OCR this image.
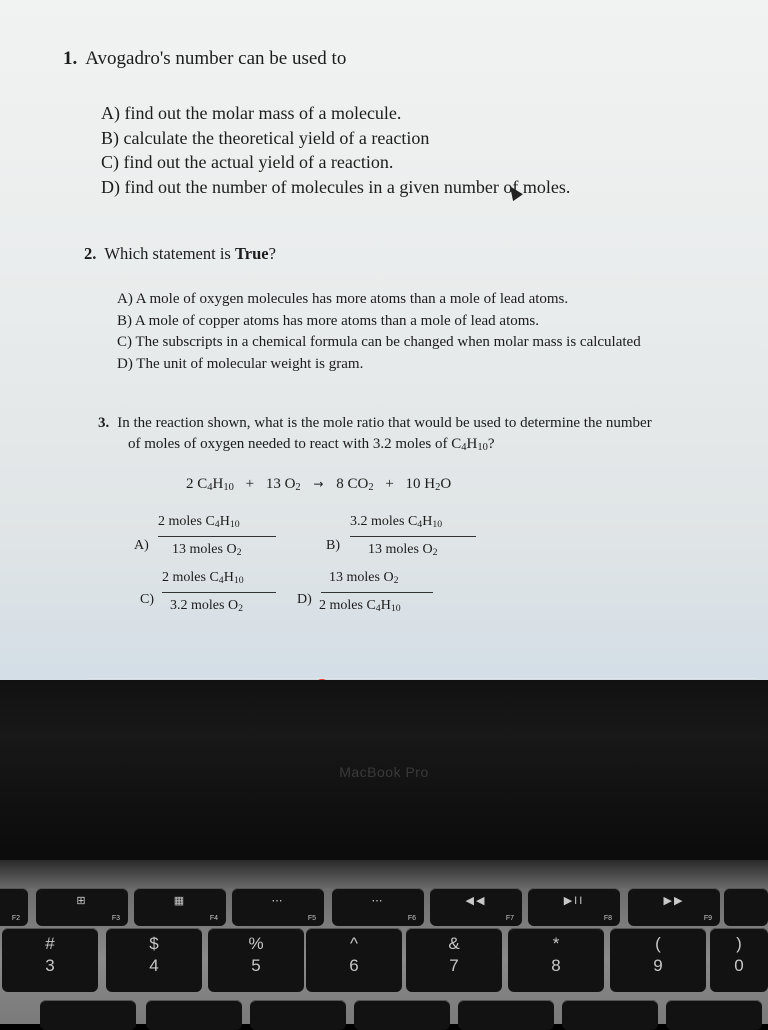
1. Avogadro's number can be used to
A) find out the molar mass of a molecule.
B) calculate the theoretical yield of a reaction
C) find out the actual yield of a reaction.
D) find out the number of molecules in a given number of moles.
2. Which statement is True?
A) A mole of oxygen molecules has more atoms than a mole of lead atoms.
B) A mole of copper atoms has more atoms than a mole of lead atoms.
C) The subscripts in a chemical formula can be changed when molar mass is calculated
D) The unit of molecular weight is gram.
3. In the reaction shown, what is the mole ratio that would be used to determine the number
of moles of oxygen needed to react with 3.2 moles of $C_4H_{10}$?
2 $C_4H_{10} + 13$ $O_2 \to 8$ $CO_2 + 10$ $H_2O$
A)
2 moles $C_4H_{10}$
13 moles $O_2$	B)
3.2 moles $C_4H_{10}$
13 moles $O_2$
C)
2 moles $C_4H_{10}$
3.2 moles $O_2$
D)
13 moles $O_2$
2 moles $C_4H_{10}$
MacBook Pro
F2
⊞
F3
▦
F4
⋯
F5
⋯
F6
◀◀
F7
▶II
F8
▶▶
F9
#
3
$
4
%
5
^
6
&
7
*
8
(
9
)
0
